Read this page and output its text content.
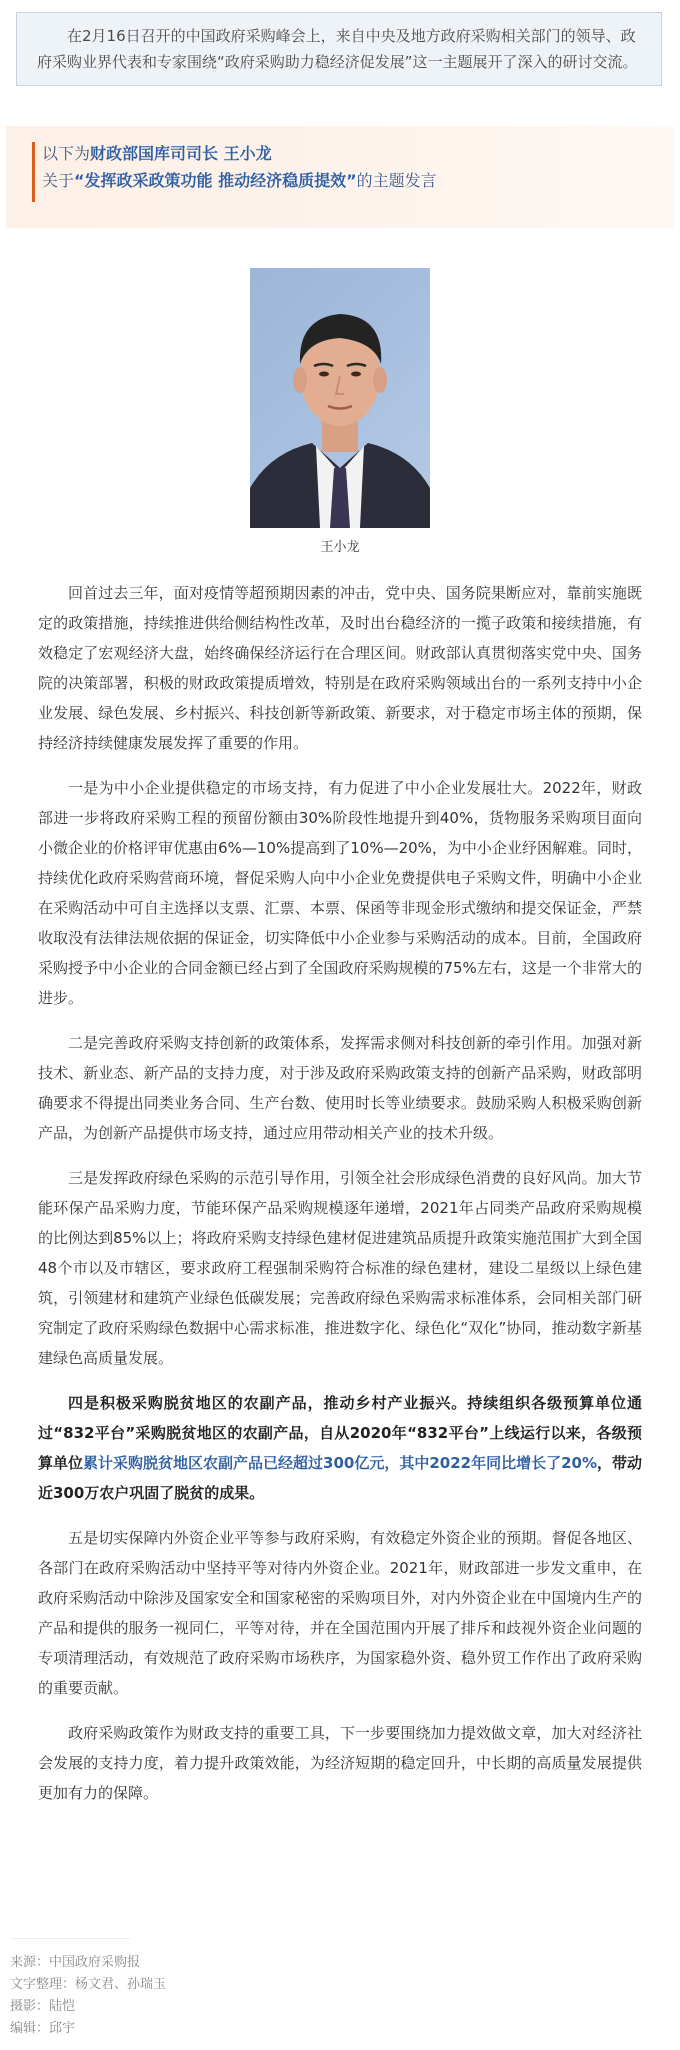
在2月16日召开的中国政府采购峰会上，来自中央及地方政府采购相关部门的领导、政府采购业界代表和专家围绕“政府采购助力稳经济促发展”这一主题展开了深入的研讨交流。
以下为财政部国库司司长 王小龙
关于“发挥政采政策功能 推动经济稳质提效”的主题发言
王小龙

回首过去三年，面对疫情等超预期因素的冲击，党中央、国务院果断应对，靠前实施既定的政策措施，持续推进供给侧结构性改革，及时出台稳经济的一揽子政策和接续措施，有效稳定了宏观经济大盘，始终确保经济运行在合理区间。财政部认真贯彻落实党中央、国务院的决策部署，积极的财政政策提质增效，特别是在政府采购领域出台的一系列支持中小企业发展、绿色发展、乡村振兴、科技创新等新政策、新要求，对于稳定市场主体的预期，保持经济持续健康发展发挥了重要的作用。

一是为中小企业提供稳定的市场支持，有力促进了中小企业发展壮大。2022年，财政部进一步将政府采购工程的预留份额由30%阶段性地提升到40%，货物服务采购项目面向小微企业的价格评审优惠由6%—10%提高到了10%—20%，为中小企业纾困解难。同时，持续优化政府采购营商环境，督促采购人向中小企业免费提供电子采购文件，明确中小企业在采购活动中可自主选择以支票、汇票、本票、保函等非现金形式缴纳和提交保证金，严禁收取没有法律法规依据的保证金，切实降低中小企业参与采购活动的成本。目前，全国政府采购授予中小企业的合同金额已经占到了全国政府采购规模的75%左右，这是一个非常大的进步。

二是完善政府采购支持创新的政策体系，发挥需求侧对科技创新的牵引作用。加强对新技术、新业态、新产品的支持力度，对于涉及政府采购政策支持的创新产品采购，财政部明确要求不得提出同类业务合同、生产台数、使用时长等业绩要求。鼓励采购人积极采购创新产品，为创新产品提供市场支持，通过应用带动相关产业的技术升级。

三是发挥政府绿色采购的示范引导作用，引领全社会形成绿色消费的良好风尚。加大节能环保产品采购力度，节能环保产品采购规模逐年递增，2021年占同类产品政府采购规模的比例达到85%以上；将政府采购支持绿色建材促进建筑品质提升政策实施范围扩大到全国48个市以及市辖区，要求政府工程强制采购符合标准的绿色建材，建设二星级以上绿色建筑，引领建材和建筑产业绿色低碳发展；完善政府绿色采购需求标准体系，会同相关部门研究制定了政府采购绿色数据中心需求标准，推进数字化、绿色化“双化”协同，推动数字新基建绿色高质量发展。

四是积极采购脱贫地区的农副产品，推动乡村产业振兴。持续组织各级预算单位通过“832平台”采购脱贫地区的农副产品，自从2020年“832平台”上线运行以来，各级预算单位累计采购脱贫地区农副产品已经超过300亿元，其中2022年同比增长了20%，带动近300万农户巩固了脱贫的成果。

五是切实保障内外资企业平等参与政府采购，有效稳定外资企业的预期。督促各地区、各部门在政府采购活动中坚持平等对待内外资企业。2021年，财政部进一步发文重申，在政府采购活动中除涉及国家安全和国家秘密的采购项目外，对内外资企业在中国境内生产的产品和提供的服务一视同仁，平等对待，并在全国范围内开展了排斥和歧视外资企业问题的专项清理活动，有效规范了政府采购市场秩序，为国家稳外资、稳外贸工作作出了政府采购的重要贡献。

政府采购政策作为财政支持的重要工具，下一步要围绕加力提效做文章，加大对经济社会发展的支持力度，着力提升政策效能，为经济短期的稳定回升，中长期的高质量发展提供更加有力的保障。

来源：中国政府采购报
文字整理：杨文君、孙瑞玉
摄影：陆恺
编辑：邱宇
